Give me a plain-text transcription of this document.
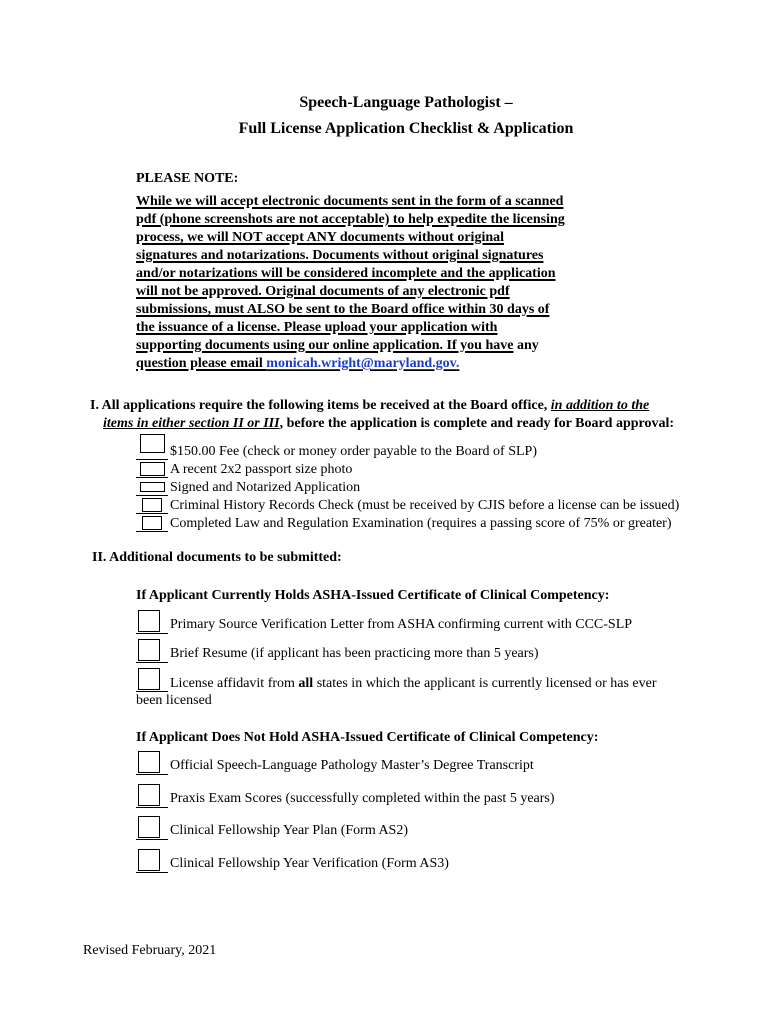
Speech-Language Pathologist –
Full License Application Checklist & Application
PLEASE NOTE:
While we will accept electronic documents sent in the form of a scanned
pdf (phone screenshots are not acceptable) to help expedite the licensing
process, we will NOT accept ANY documents without original
signatures and notarizations. Documents without original signatures
and/or notarizations will be considered incomplete and the application
will not be approved. Original documents of any electronic pdf
submissions, must ALSO be sent to the Board office within 30 days of
the issuance of a license. Please upload your application with
supporting documents using our online application. If you have any
question please email monicah.wright@maryland.gov.
I. All applications require the following items be received at the Board office, in addition to the
items in either section II or III, before the application is complete and ready for Board approval:
$150.00 Fee (check or money order payable to the Board of SLP)
A recent 2x2 passport size photo
Signed and Notarized Application
Criminal History Records Check (must be received by CJIS before a license can be issued)
Completed Law and Regulation Examination (requires a passing score of 75% or greater)
II. Additional documents to be submitted:
If Applicant Currently Holds ASHA-Issued Certificate of Clinical Competency:
Primary Source Verification Letter from ASHA confirming current with CCC-SLP
Brief Resume (if applicant has been practicing more than 5 years)
License affidavit from all states in which the applicant is currently licensed or has ever
been licensed
If Applicant Does Not Hold ASHA-Issued Certificate of Clinical Competency:
Official Speech-Language Pathology Master’s Degree Transcript
Praxis Exam Scores (successfully completed within the past 5 years)
Clinical Fellowship Year Plan (Form AS2)
Clinical Fellowship Year Verification (Form AS3)
Revised February, 2021
